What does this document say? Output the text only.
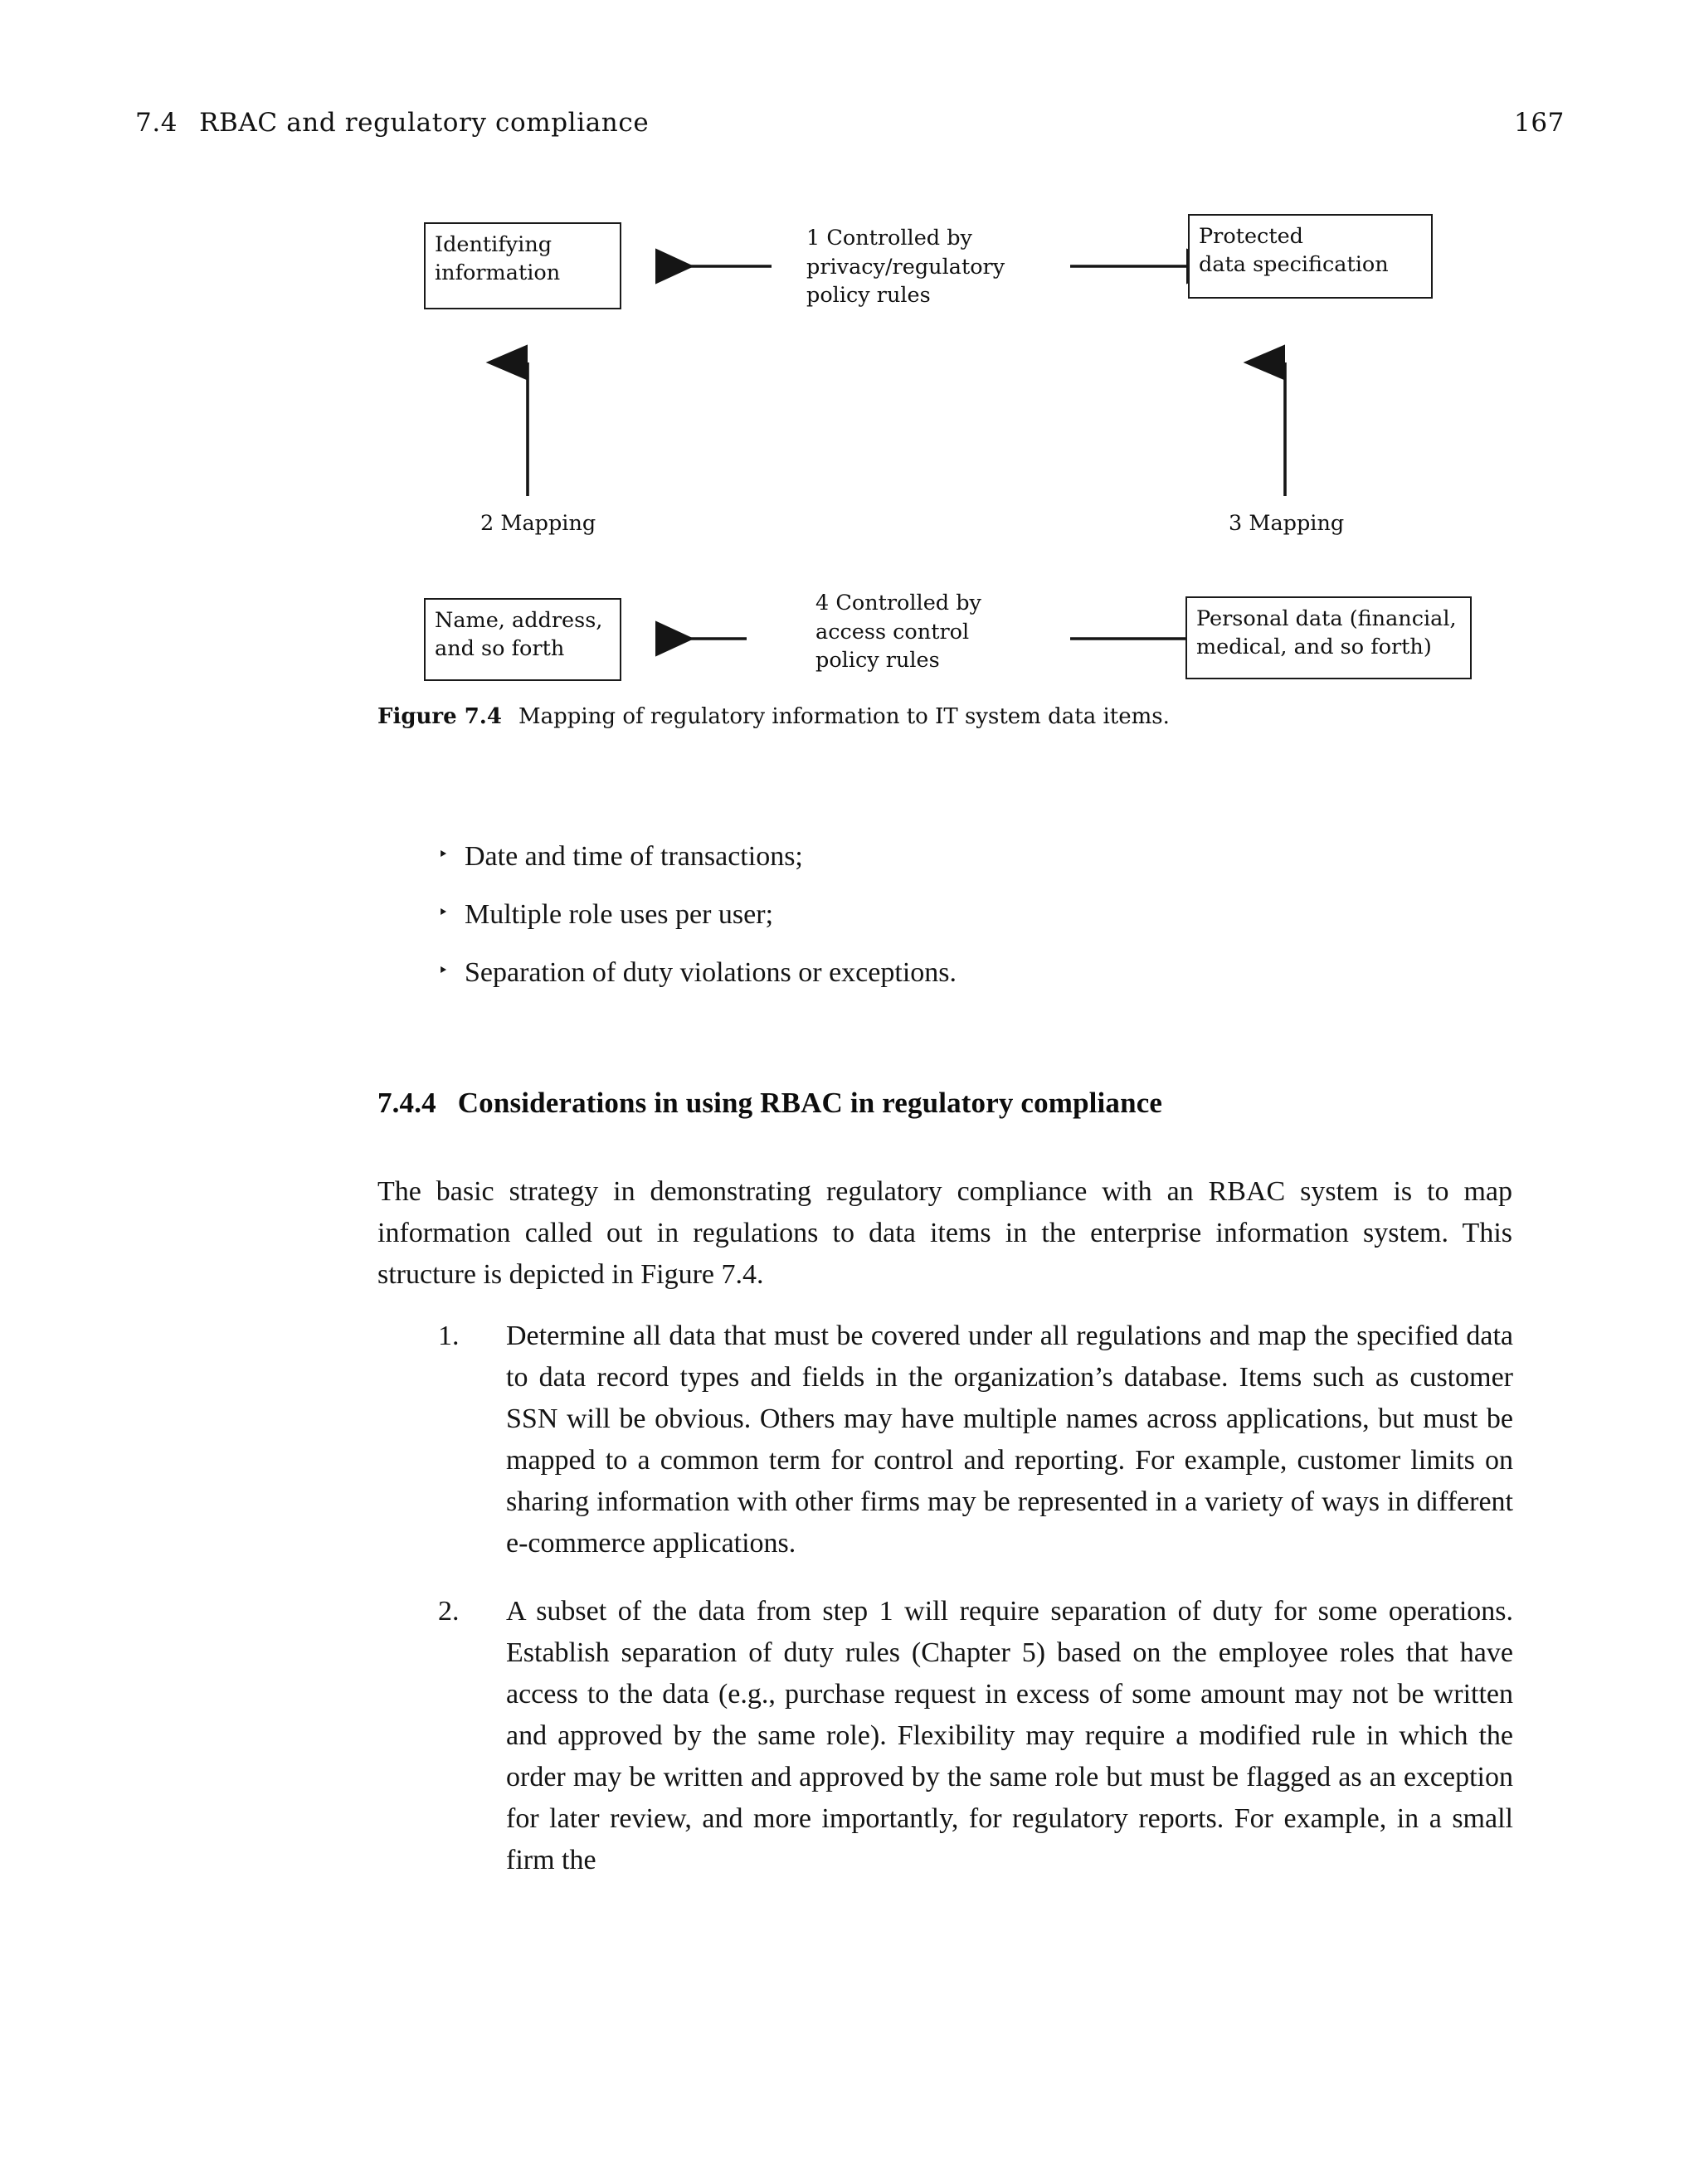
7.4 RBAC and regulatory compliance	167
Identifying
information
Protected
data specification
Name, address,
and so forth
Personal data (financial,
medical, and so forth)
1 Controlled by
privacy/regulatory
policy rules
2 Mapping	3 Mapping
4 Controlled by
access control
policy rules
Figure 7.4 Mapping of regulatory information to IT system data items.
‣ Date and time of transactions;
‣ Multiple role uses per user;
‣ Separation of duty violations or exceptions.
7.4.4 Considerations in using RBAC in regulatory compliance

The basic strategy in demonstrating regulatory compliance with an RBAC system is to map information called out in regulations to data items in the enterprise information system. This structure is depicted in Figure 7.4.

1.	Determine all data that must be covered under all regulations and map the specified data to data record types and fields in the organization’s database. Items such as customer SSN will be obvious. Others may have multiple names across applications, but must be mapped to a common term for control and reporting. For example, customer limits on sharing information with other firms may be represented in a variety of ways in different e-commerce applications.
2.	A subset of the data from step 1 will require separation of duty for some operations. Establish separation of duty rules (Chapter 5) based on the employee roles that have access to the data (e.g., purchase request in excess of some amount may not be written and approved by the same role). Flexibility may require a modified rule in which the order may be written and approved by the same role but must be flagged as an exception for later review, and more importantly, for regulatory reports. For example, in a small firm the
